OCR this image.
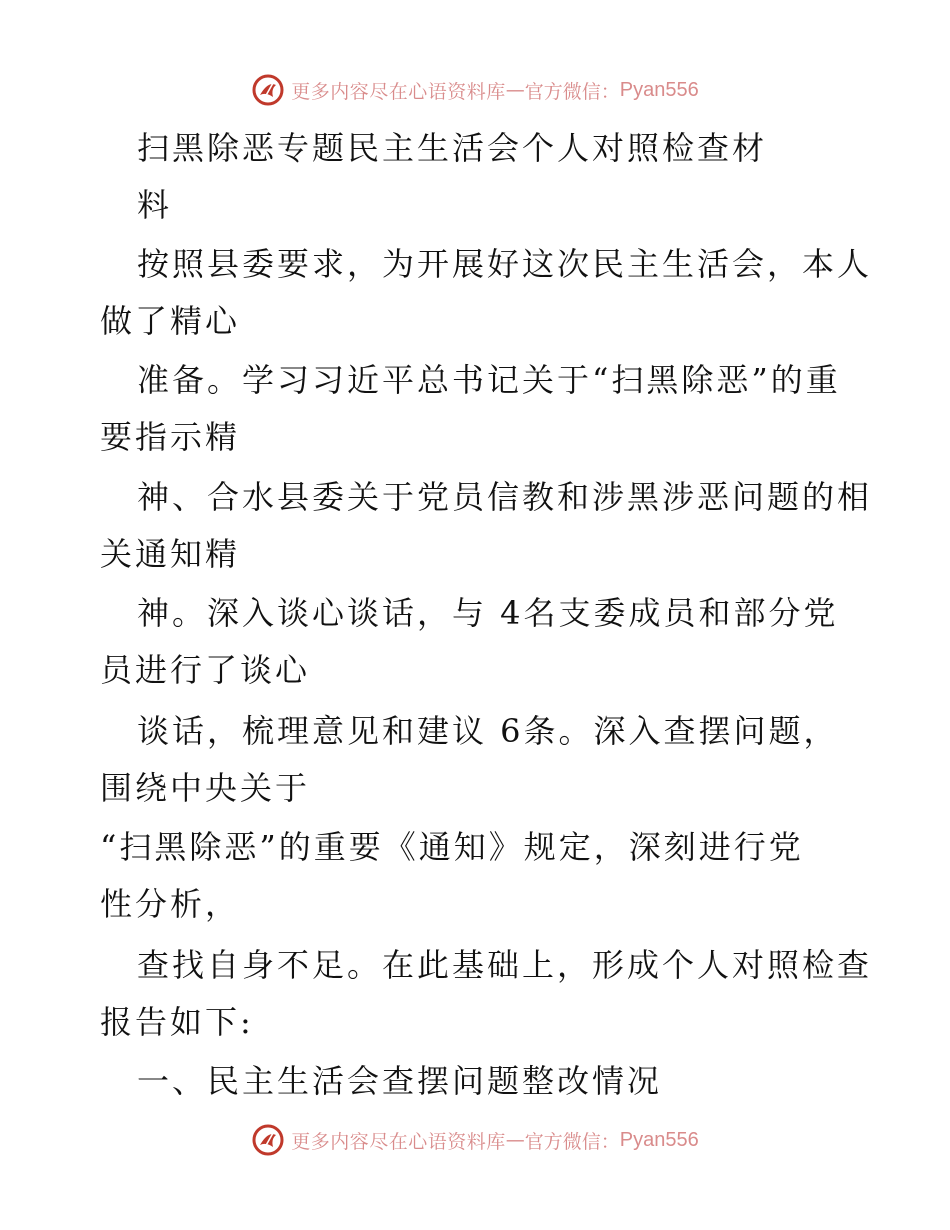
更多内容尽在心语资料库 — 官方微信： Pyan556

扫黑除恶专题民主生活会个人对照检查材

料

按照县委要求，为开展好这次民主生活会，本人

做了精心

准备。学习习近平总书记关于“扫黑除恶”的重

要指示精

神、合水县委关于党员信教和涉黑涉恶问题的相

关通知精

神。深入谈心谈话，与 4名支委成员和部分党

员进行了谈心

谈话，梳理意见和建议 6条。深入查摆问题，

围绕中央关于

“扫黑除恶”的重要《通知》规定，深刻进行党

性分析，

查找自身不足。在此基础上，形成个人对照检查

报告如下:

一、民主生活会查摆问题整改情况

更多内容尽在心语资料库 — 官方微信： Pyan556
